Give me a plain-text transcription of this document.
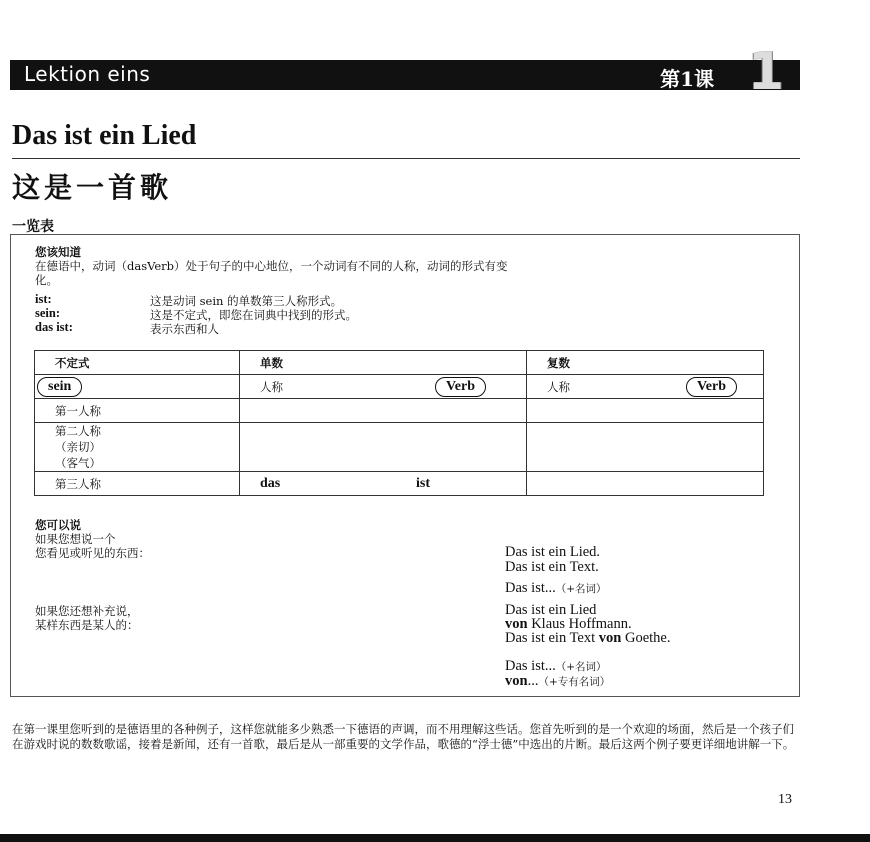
Lektion eins	第1课 1
Das ist ein Lied
这是一首歌
一览表
您该知道
在德语中，动词（dasVerb）处于句子的中心地位，一个动词有不同的人称，动词的形式有变
化。
ist:	这是动词 sein 的单数第三人称形式。
sein:	这是不定式，即您在词典中找到的形式。
das ist:	表示东西和人
不定式	单数	复数
sein	人称 Verb	人称 Verb

第一人称		

第二人称
（亲切）
（客气）		

第三人称	das ist	

您可以说
如果您想说一个
您看见或听见的东西：
如果您还想补充说，
某样东西是某人的：
Das ist ein Lied.
Das ist ein Text.
Das ist...（+名词）
Das ist ein Lied
von Klaus Hoffmann.
Das ist ein Text von Goethe.
Das ist...（+名词）
von...（+专有名词）
在第一课里您听到的是德语里的各种例子，这样您就能多少熟悉一下德语的声调，而不用理解这些话。您首先听到的是一个欢迎的场面，然后是一个孩子们在游戏时说的数数歌谣，接着是新闻，还有一首歌，最后是从一部重要的文学作品，歌德的“浮士德”中选出的片断。最后这两个例子要更详细地讲解一下。
13
